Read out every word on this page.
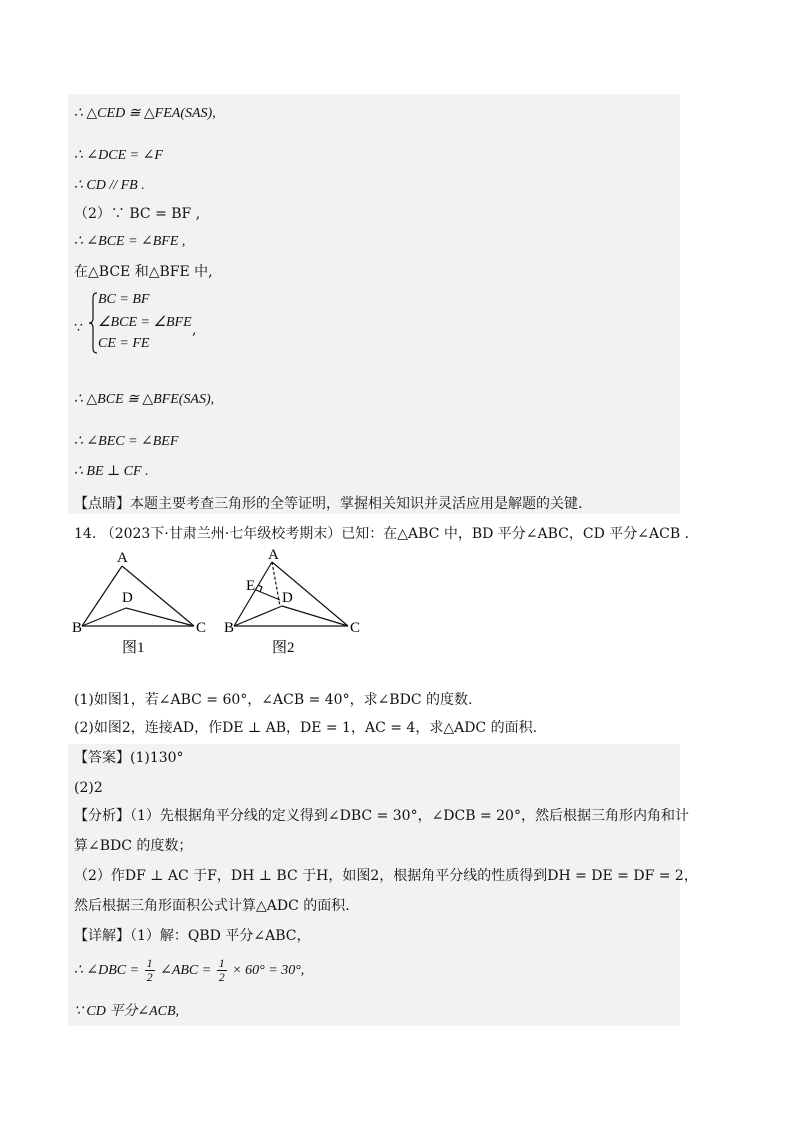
∴ △CED ≅ △FEA(SAS),
∴ ∠DCE = ∠F
∴ CD // FB .
（2）∵ BC = BF ,
∴ ∠BCE = ∠BFE ,
在△BCE 和△BFE 中,
∵
BC = BF
∠BCE = ∠BFE
CE = FE
,
∴ △BCE ≅ △BFE(SAS),
∴ ∠BEC = ∠BEF
∴ BE ⊥ CF .
【点睛】本题主要考查三角形的全等证明，掌握相关知识并灵活应用是解题的关键.
14. （2023下·甘肃兰州·七年级校考期末）已知：在△ABC 中，BD 平分∠ABC，CD 平分∠ACB .
A
B	C
D
图1
A
E
D
B	C
图2
(1)如图1，若∠ABC = 60°，∠ACB = 40°，求∠BDC 的度数.
(2)如图2，连接AD，作DE ⊥ AB，DE = 1，AC = 4，求△ADC 的面积.
【答案】(1)130°
(2)2
【分析】（1）先根据角平分线的定义得到∠DBC = 30°，∠DCB = 20°，然后根据三角形内角和计
算∠BDC 的度数；
（2）作DF ⊥ AC 于F，DH ⊥ BC 于H，如图2，根据角平分线的性质得到DH = DE = DF = 2，
然后根据三角形面积公式计算△ADC 的面积.
【详解】（1）解：QBD 平分∠ABC，
∴ ∠DBC = $\frac{1}{2}$ ∠ABC = $\frac{1}{2} \times 60^\circ = 30^\circ$,
∵ CD 平分∠ACB,
